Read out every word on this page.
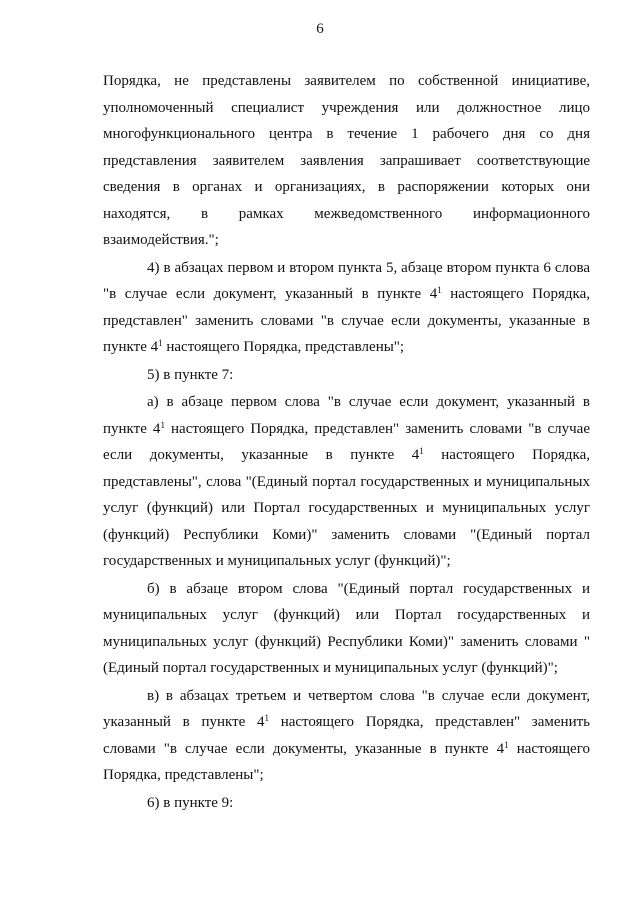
6

Порядка, не представлены заявителем по собственной инициативе, уполномоченный специалист учреждения или должностное лицо многофункционального центра в течение 1 рабочего дня со дня представления заявителем заявления запрашивает соответствующие сведения в органах и организациях, в распоряжении которых они находятся, в рамках межведомственного информационного взаимодействия.";

4) в абзацах первом и втором пункта 5, абзаце втором пункта 6 слова "в случае если документ, указанный в пункте $4^1$ настоящего Порядка, представлен" заменить словами "в случае если документы, указанные в пункте $4^1$ настоящего Порядка, представлены";

5) в пункте 7:

а) в абзаце первом слова "в случае если документ, указанный в пункте $4^1$ настоящего Порядка, представлен" заменить словами "в случае если документы, указанные в пункте $4^1$ настоящего Порядка, представлены", слова "(Единый портал государственных и муниципальных услуг (функций) или Портал государственных и муниципальных услуг (функций) Республики Коми)" заменить словами "(Единый портал государственных и муниципальных услуг (функций)";

б) в абзаце втором слова "(Единый портал государственных и муниципальных услуг (функций) или Портал государственных и муниципальных услуг (функций) Республики Коми)" заменить словами "(Единый портал государственных и муниципальных услуг (функций)";

в) в абзацах третьем и четвертом слова "в случае если документ, указанный в пункте $4^1$ настоящего Порядка, представлен" заменить словами "в случае если документы, указанные в пункте $4^1$ настоящего Порядка, представлены";

6) в пункте 9:
